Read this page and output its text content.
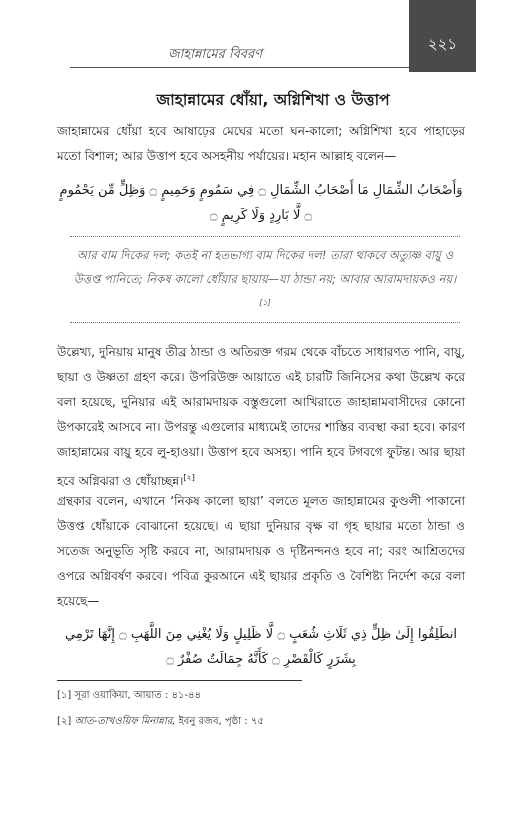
জাহান্নামের বিবরণ
২২১
জাহান্নামের ধোঁয়া, অগ্নিশিখা ও উত্তাপ

জাহান্নামের ধোঁয়া হবে আষাঢ়ের মেঘের মতো ঘন-কালো; অগ্নিশিখা হবে পাহাড়ের মতো বিশাল; আর উত্তাপ হবে অসহনীয় পর্যায়ের। মহান আল্লাহ বলেন—

وَأَصْحَابُ الشِّمَالِ مَا أَصْحَابُ الشِّمَالِ ۝ فِي سَمُومٍ وَحَمِيمٍ ۝ وَظِلٍّ مِّن يَحْمُومٍ ۝ لَّا بَارِدٍ وَلَا كَرِيمٍ ۝

আর বাম দিকের দল; কতই না হতভাগ্য বাম দিকের দল! তারা থাকবে অত্যুষ্ণ বায়ু ও উত্তপ্ত পানিতে; নিকষ কালো ধোঁয়ার ছায়ায়—যা ঠান্ডা নয়; আবার আরামদায়কও নয়।[১]

উল্লেখ্য, দুনিয়ায় মানুষ তীব্র ঠান্ডা ও অতিরক্ত গরম থেকে বাঁচতে সাধারণত পানি, বায়ু, ছায়া ও উষ্ণতা গ্রহণ করে। উপরিউক্ত আয়াতে এই চারটি জিনিসের কথা উল্লেখ করে বলা হয়েছে, দুনিয়ার এই আরামদায়ক বস্তুগুলো আখিরাতে জাহান্নামবাসীদের কোনো উপকারেই আসবে না। উপরন্তু এগুলোর মাধ্যমেই তাদের শাস্তির ব্যবস্থা করা হবে। কারণ জাহান্নামের বায়ু হবে লু-হাওয়া। উত্তাপ হবে অসহ্য। পানি হবে টগবগে ফুটন্ত। আর ছায়া হবে অগ্নিঝরা ও ধোঁয়াচ্ছন্ন।[২]

গ্রন্থকার বলেন, এখানে ‘নিকষ কালো ছায়া’ বলতে মূলত জাহান্নামের কুণ্ডলী পাকানো উত্তপ্ত ধোঁয়াকে বোঝানো হয়েছে। এ ছায়া দুনিয়ার বৃক্ষ বা গৃহ ছায়ার মতো ঠান্ডা ও সতেজ অনুভূতি সৃষ্টি করবে না, আরামদায়ক ও দৃষ্টিনন্দনও হবে না; বরং আশ্রিতদের ওপরে অগ্নিবর্ষণ করবে। পবিত্র কুরআনে এই ছায়ার প্রকৃতি ও বৈশিষ্ট্য নির্দেশ করে বলা হয়েছে—

انطَلِقُوا إِلَىٰ ظِلٍّ ذِي ثَلَاثِ شُعَبٍ ۝ لَّا ظَلِيلٍ وَلَا يُغْنِي مِنَ اللَّهَبِ ۝ إِنَّهَا تَرْمِي بِشَرَرٍ كَالْقَصْرِ ۝ كَأَنَّهُ جِمَالَتٌ صُفْرٌ ۝

[১] সূরা ওয়াকিয়া, আয়াত : ৪১-৪৪
[২] আত-তাখওয়িফ মিনান্নার, ইবনু রজব, পৃষ্ঠা : ৭৫
